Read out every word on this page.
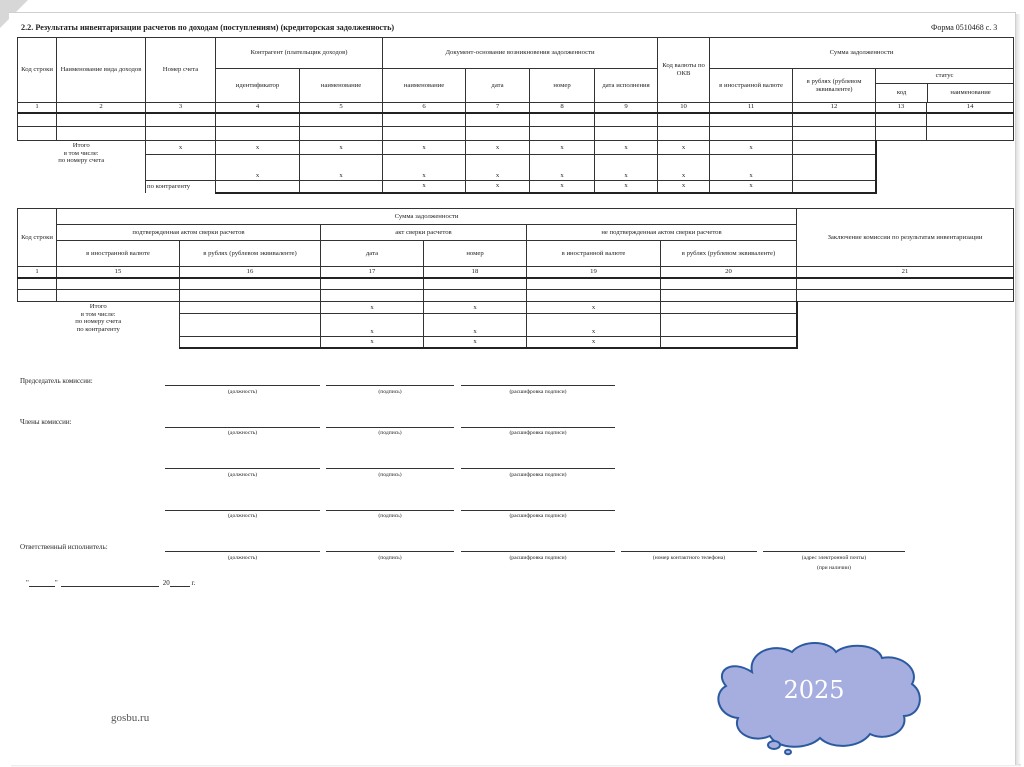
2.2. Результаты инвентаризации расчетов по доходам (поступлениям) (кредиторская задолженность)	Форма 0510468 с. 3
Код строки	Наименование вида доходов	Номер счета	Контрагент (плательщик доходов)		Документ-основание возникновения задолженности				Код валюты по ОКВ	Сумма задолженности			
			идентификатор	наименование	наименование	дата	номер	дата исполнения		в иностранной валюте	в рублях (рублевом эквиваленте)	статус
код наименование	

1	2	3	4	5	6	7	8	9	10	11	12	13	14

Итого
в том числе:
по номеру счета		x	x	x	x	x	x	x	x	x			
			x	x	x	x	x	x	x	x			
		по контрагенту			x	x	x	x	x	x			
Код строки	Сумма задолженности						Заключение комиссии по результатам инвентаризации
	подтвержденная актом сверки расчетов		акт сверки расчетов		не подтвержденная актом сверки расчетов		
	в иностранной валюте	в рублях (рублевом эквиваленте)	дата	номер	в иностранной валюте	в рублях (рублевом эквиваленте)	
1	15	16	17	18	19	20	21

Итого
в том числе:
по номеру счета
по контрагенту			x	x	x		
			x	x	x		
			x	x	x		
Председатель комиссии:
(должность)	(подпись)	(расшифровка подписи)
Члены комиссии:
(должность)	(подпись)	(расшифровка подписи)
(должность)	(подпись)	(расшифровка подписи)
(должность)	(подпись)	(расшифровка подписи)
Ответственный исполнитель:
(должность)	(подпись)	(расшифровка подписи)	(номер контактного телефона)	(адрес электронной почты)
(при наличии)
"	"	20	г.
gosbu.ru
2025
